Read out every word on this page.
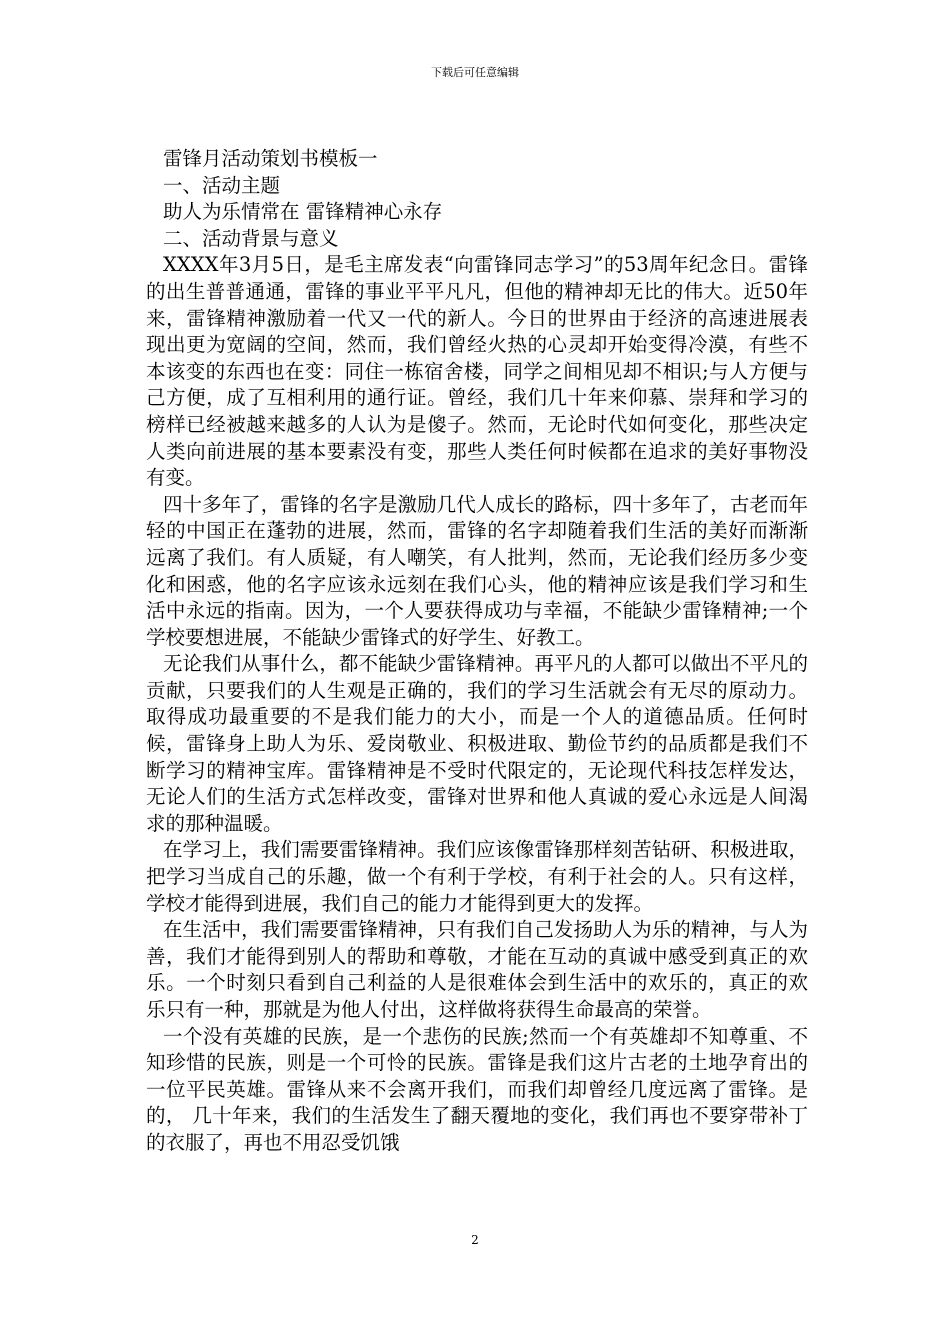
下载后可任意编辑

雷锋月活动策划书模板一

一、活动主题

助人为乐情常在 雷锋精神心永存

二、活动背景与意义

XXXX年3月5日，是毛主席发表“向雷锋同志学习”的53周年纪念日。雷锋的出生普普通通，雷锋的事业平平凡凡，但他的精神却无比的伟大。近50年来，雷锋精神激励着一代又一代的新人。今日的世界由于经济的高速进展表现出更为宽阔的空间，然而，我们曾经火热的心灵却开始变得冷漠，有些不本该变的东西也在变：同住一栋宿舍楼，同学之间相见却不相识;与人方便与己方便，成了互相利用的通行证。曾经，我们几十年来仰慕、崇拜和学习的榜样已经被越来越多的人认为是傻子。然而，无论时代如何变化，那些决定人类向前进展的基本要素没有变，那些人类任何时候都在追求的美好事物没有变。

四十多年了，雷锋的名字是激励几代人成长的路标，四十多年了，古老而年轻的中国正在蓬勃的进展，然而，雷锋的名字却随着我们生活的美好而渐渐远离了我们。有人质疑，有人嘲笑，有人批判，然而，无论我们经历多少变化和困惑，他的名字应该永远刻在我们心头，他的精神应该是我们学习和生活中永远的指南。因为，一个人要获得成功与幸福，不能缺少雷锋精神;一个学校要想进展，不能缺少雷锋式的好学生、好教工。

无论我们从事什么，都不能缺少雷锋精神。再平凡的人都可以做出不平凡的贡献，只要我们的人生观是正确的，我们的学习生活就会有无尽的原动力。取得成功最重要的不是我们能力的大小，而是一个人的道德品质。任何时候，雷锋身上助人为乐、爱岗敬业、积极进取、勤俭节约的品质都是我们不断学习的精神宝库。雷锋精神是不受时代限定的，无论现代科技怎样发达，无论人们的生活方式怎样改变，雷锋对世界和他人真诚的爱心永远是人间渴求的那种温暖。

在学习上，我们需要雷锋精神。我们应该像雷锋那样刻苦钻研、积极进取，把学习当成自己的乐趣，做一个有利于学校，有利于社会的人。只有这样，学校才能得到进展，我们自己的能力才能得到更大的发挥。

在生活中，我们需要雷锋精神，只有我们自己发扬助人为乐的精神，与人为善，我们才能得到别人的帮助和尊敬，才能在互动的真诚中感受到真正的欢乐。一个时刻只看到自己利益的人是很难体会到生活中的欢乐的，真正的欢乐只有一种，那就是为他人付出，这样做将获得生命最高的荣誉。

一个没有英雄的民族，是一个悲伤的民族;然而一个有英雄却不知尊重、不知珍惜的民族，则是一个可怜的民族。雷锋是我们这片古老的土地孕育出的一位平民英雄。雷锋从来不会离开我们，而我们却曾经几度远离了雷锋。是的， 几十年来，我们的生活发生了翻天覆地的变化，我们再也不要穿带补丁的衣服了，再也不用忍受饥饿

2
